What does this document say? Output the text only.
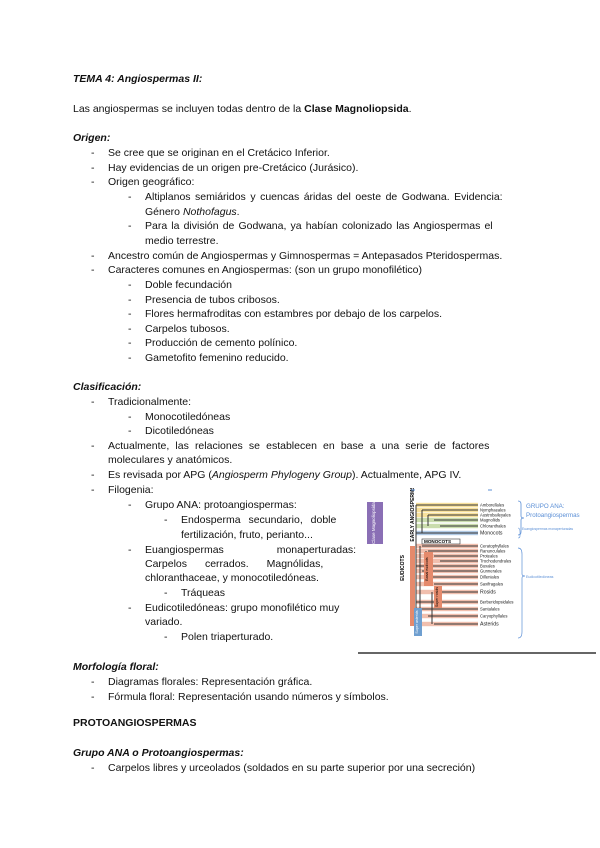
TEMA 4: Angiospermas II:
Las angiospermas se incluyen todas dentro de la Clase Magnoliopsida.
Origen:
- Se cree que se originan en el Cretácico Inferior.
- Hay evidencias de un origen pre-Cretácico (Jurásico).
- Origen geográfico:
- Altiplanos semiáridos y cuencas áridas del oeste de Godwana. Evidencia:
Género Nothofagus.
- Para la división de Godwana, ya habían colonizado las Angiospermas el
medio terrestre.
- Ancestro común de Angiospermas y Gimnospermas = Antepasados Pteridospermas.
- Caracteres comunes en Angiospermas: (son un grupo monofilético)
- Doble fecundación
- Presencia de tubos cribosos.
- Flores hermafroditas con estambres por debajo de los carpelos.
- Carpelos tubosos.
- Producción de cemento polínico.
- Gametofito femenino reducido.
Clasificación:
- Tradicionalmente:
- Monocotiledóneas
- Dicotiledóneas
- Actualmente, las relaciones se establecen en base a una serie de factores
moleculares y anatómicos.
- Es revisada por APG (Angiosperm Phylogeny Group). Actualmente, APG IV.
- Filogenia:
- Grupo ANA: protoangiospermas:
- Endosperma secundario, doble
fertilización, fruto, perianto...
- Euangiospermas monaperturadas:
Carpelos cerrados. Magnólidas,
chloranthaceae, y monocotiledóneas.
- Tráqueas
- Eudicotiledóneas: grupo monofilético muy
variado.
- Polen triaperturado.
Clase Magnoliopsida	EARLY ANGIOSPERMS
EUDICOTS	Basal eudicots
Super rosids
Super asterids
MONOCOTS
Amborellales
Nymphaeales
Austrobaileyales
Magnoliids
Chloranthales
Monocots
Ceratophyllales
Ranunculales
Proteales
Trochodendrales
Buxales
Gunnerales
Dilleniales
Saxifragales
Rosids
Berberidopsidales
Santalales
Caryophyllales
Asterids
GRUPO ANA:
Protoangiospermas
Euangiospermas monaperturadas
Eudicotiledóneas
Morfología floral:
- Diagramas florales: Representación gráfica.
- Fórmula floral: Representación usando números y símbolos.
PROTOANGIOSPERMAS
Grupo ANA o Protoangiospermas:
- Carpelos libres y urceolados (soldados en su parte superior por una secreción)
